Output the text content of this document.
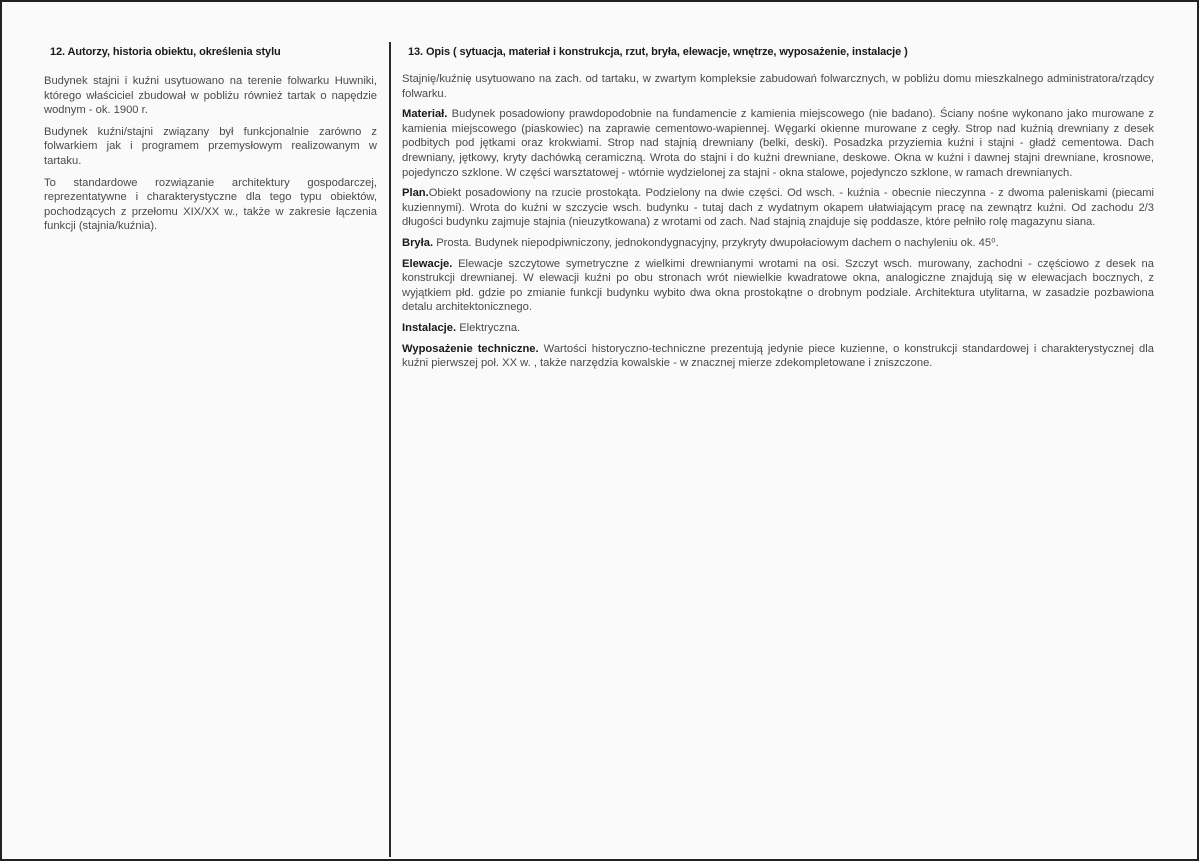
12. Autorzy, historia obiektu, określenia stylu

Budynek stajni i kuźni usytuowano na terenie folwarku Huwniki, którego właściciel zbudował w pobliżu również tartak o napędzie wodnym - ok. 1900 r.

Budynek kuźni/stajni związany był funkcjonalnie zarówno z folwarkiem jak i programem przemysłowym realizowanym w tartaku.

To standardowe rozwiązanie architektury gospodarczej, reprezentatywne i charakterystyczne dla tego typu obiektów, pochodzących z przełomu XIX/XX w., także w zakresie łączenia funkcji (stajnia/kuźnia).

13. Opis ( sytuacja, materiał i konstrukcja, rzut, bryła, elewacje, wnętrze, wyposażenie, instalacje )

Stajnię/kuźnię usytuowano na zach. od tartaku, w zwartym kompleksie zabudowań folwarcznych, w pobliżu domu mieszkalnego administratora/rządcy folwarku.

Materiał. Budynek posadowiony prawdopodobnie na fundamencie z kamienia miejscowego (nie badano). Ściany nośne wykonano jako murowane z kamienia miejscowego (piaskowiec) na zaprawie cementowo-wapiennej. Węgarki okienne murowane z cegły. Strop nad kuźnią drewniany z desek podbitych pod jętkami oraz krokwiami. Strop nad stajnią drewniany (belki, deski). Posadzka przyziemia kuźni i stajni - gładź cementowa. Dach drewniany, jętkowy, kryty dachówką ceramiczną. Wrota do stajni i do kuźni drewniane, deskowe. Okna w kuźni i dawnej stajni drewniane, krosnowe, pojedynczo szklone. W części warsztatowej - wtórnie wydzielonej za stajni - okna stalowe, pojedynczo szklone, w ramach drewnianych.

Plan.Obiekt posadowiony na rzucie prostokąta. Podzielony na dwie części. Od wsch. - kuźnia - obecnie nieczynna - z dwoma paleniskami (piecami kuziennymi). Wrota do kuźni w szczycie wsch. budynku - tutaj dach z wydatnym okapem ułatwiającym pracę na zewnątrz kuźni. Od zachodu 2/3 długości budynku zajmuje stajnia (nieuzytkowana) z wrotami od zach. Nad stajnią znajduje się poddasze, które pełniło rolę magazynu siana.

Bryła. Prosta. Budynek niepodpiwniczony, jednokondygnacyjny, przykryty dwupołaciowym dachem o nachyleniu ok. 45⁰.

Elewacje. Elewacje szczytowe symetryczne z wielkimi drewnianymi wrotami na osi. Szczyt wsch. murowany, zachodni - częściowo z desek na konstrukcji drewnianej. W elewacji kuźni po obu stronach wrót niewielkie kwadratowe okna, analogiczne znajdują się w elewacjach bocznych, z wyjątkiem płd. gdzie po zmianie funkcji budynku wybito dwa okna prostokątne o drobnym podziale. Architektura utylitarna, w zasadzie pozbawiona detalu architektonicznego.

Instalacje. Elektryczna.

Wyposażenie techniczne. Wartości historyczno-techniczne prezentują jedynie piece kuzienne, o konstrukcji standardowej i charakterystycznej dla kuźni pierwszej poł. XX w. , także narzędzia kowalskie - w znacznej mierze zdekompletowane i zniszczone.
